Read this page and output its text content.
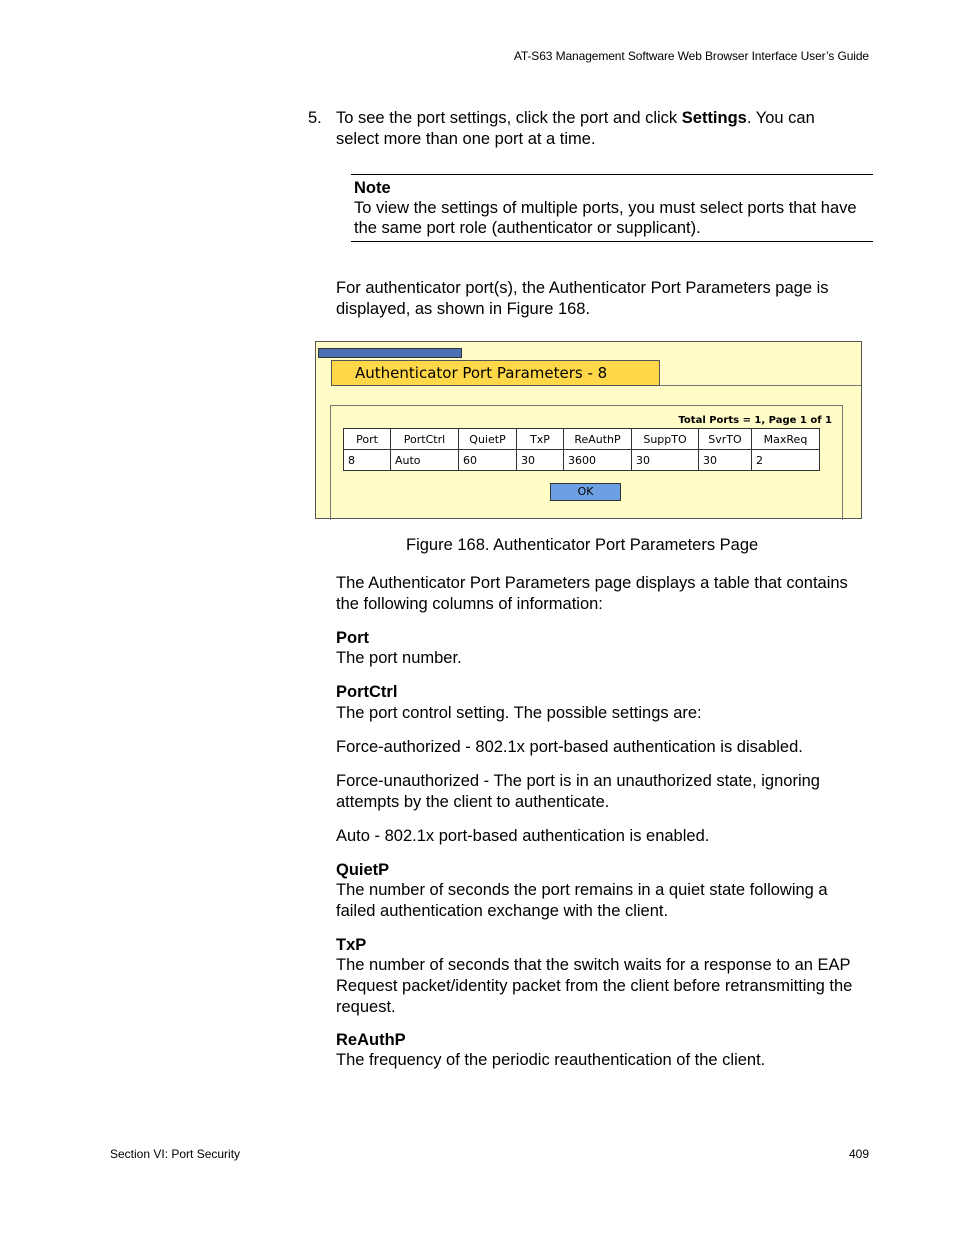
AT-S63 Management Software Web Browser Interface User’s Guide
5. To see the port settings, click the port and click Settings. You can select more than one port at a time.
Note
To view the settings of multiple ports, you must select ports that have the same port role (authenticator or supplicant).
For authenticator port(s), the Authenticator Port Parameters page is displayed, as shown in Figure 168.
Authenticator Port Parameters - 8
Total Ports = 1, Page 1 of 1
Port	PortCtrl	QuietP	TxP	ReAuthP	SuppTO	SvrTO	MaxReq
8	Auto	60	30	3600	30	30	2
OK
Figure 168. Authenticator Port Parameters Page
The Authenticator Port Parameters page displays a table that contains the following columns of information:
Port
The port number.
PortCtrl
The port control setting. The possible settings are:
Force-authorized - 802.1x port-based authentication is disabled.
Force-unauthorized - The port is in an unauthorized state, ignoring attempts by the client to authenticate.
Auto - 802.1x port-based authentication is enabled.
QuietP
The number of seconds the port remains in a quiet state following a failed authentication exchange with the client.
TxP
The number of seconds that the switch waits for a response to an EAP Request packet/identity packet from the client before retransmitting the request.
ReAuthP
The frequency of the periodic reauthentication of the client.
Section VI: Port Security	409
